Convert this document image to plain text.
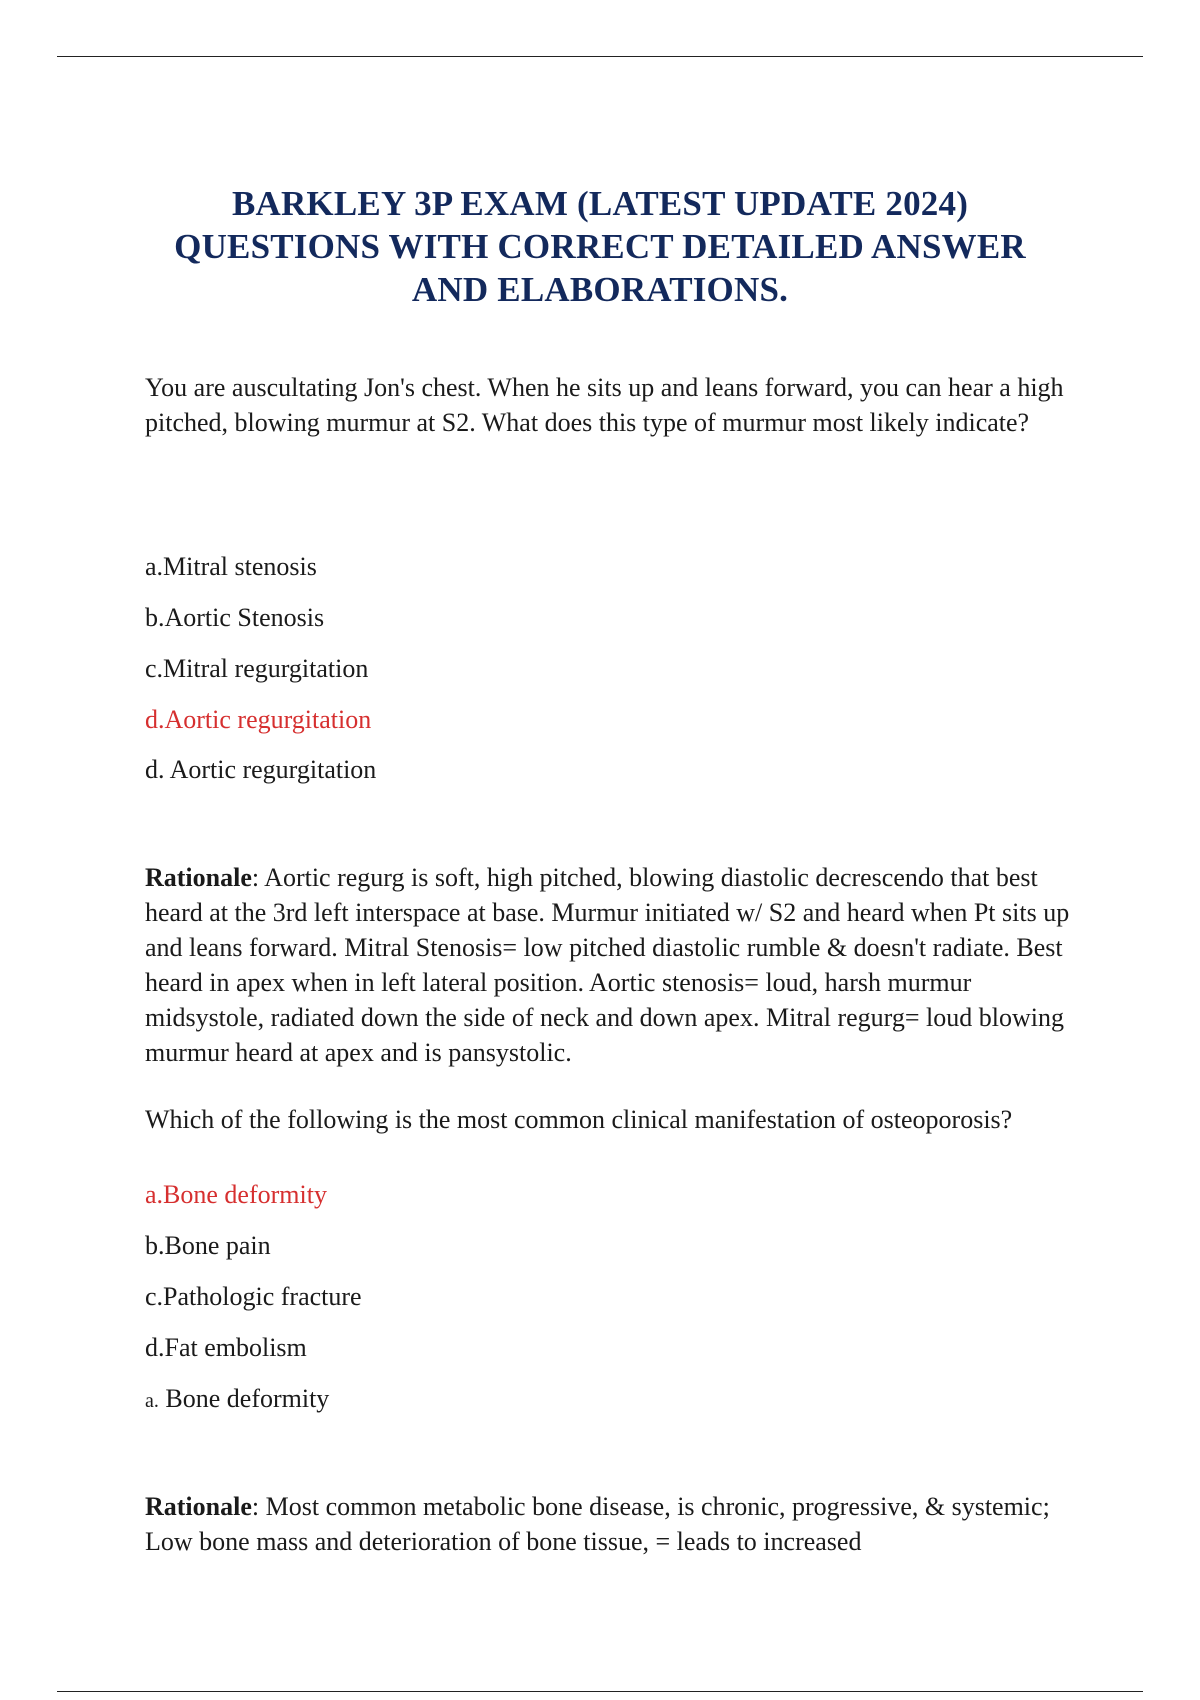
BARKLEY 3P EXAM (LATEST UPDATE 2024)
QUESTIONS WITH CORRECT DETAILED ANSWER
AND ELABORATIONS.

You are auscultating Jon's chest. When he sits up and leans forward, you can hear a high pitched, blowing murmur at S2. What does this type of murmur most likely indicate?

a.Mitral stenosis
b.Aortic Stenosis
c.Mitral regurgitation
d.Aortic regurgitation
d. Aortic regurgitation

Rationale: Aortic regurg is soft, high pitched, blowing diastolic decrescendo that best heard at the 3rd left interspace at base. Murmur initiated w/ S2 and heard when Pt sits up and leans forward. Mitral Stenosis= low pitched diastolic rumble & doesn't radiate. Best heard in apex when in left lateral position. Aortic stenosis= loud, harsh murmur midsystole, radiated down the side of neck and down apex. Mitral regurg= loud blowing murmur heard at apex and is pansystolic.

Which of the following is the most common clinical manifestation of osteoporosis?

a.Bone deformity
b.Bone pain
c.Pathologic fracture
d.Fat embolism
a. Bone deformity

Rationale: Most common metabolic bone disease, is chronic, progressive, & systemic; Low bone mass and deterioration of bone tissue, = leads to increased
